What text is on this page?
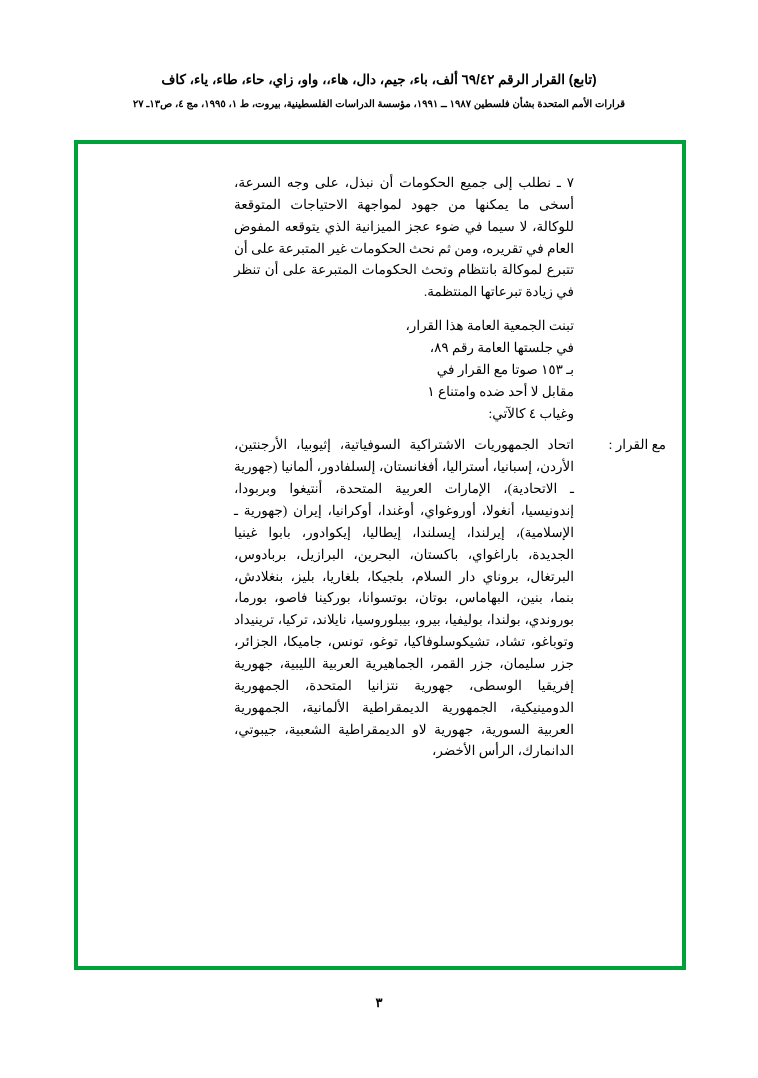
(تابع) القرار الرقم ٦٩/٤٢ ألف، باء، جيم، دال، هاء،، واو، زاي، حاء، طاء، ياء، كاف
قرارات الأمم المتحدة بشأن فلسطين ١٩٨٧ ــ ١٩٩١، مؤسسة الدراسات الفلسطينية، بيروت، ط ١، ١٩٩٥، مج ٤، ص١٣ـ ٢٧

٧ ـ نطلب إلى جميع الحكومات أن نبذل، على وجه السرعة، أسخى ما يمكنها من جهود لمواجهة الاحتياجات المتوقعة للوكالة، لا سيما في ضوء عجز الميزانية الذي يتوقعه المفوض العام في تقريره، ومن ثم نحث الحكومات غير المتبرعة على أن تتبرع لموكالة بانتظام وتحث الحكومات المتبرعة على أن تنظر في زيادة تبرعاتها المنتظمة.

تبنت الجمعية العامة هذا القرار،
في جلستها العامة رقم ٨٩،
بـ ١٥٣ صوتا مع القرار في
مقابل لا أحد ضده وامتناع ١
وغياب ٤ كالآتي:
مع القرار :
اتحاد الجمهوريات الاشتراكية السوفياتية، إثيوبيا، الأرجنتين، الأردن، إسبانيا، أستراليا، أفغانستان، إلسلفادور، ألمانيا (جهورية ـ الاتحادية)، الإمارات العربية المتحدة، أنتيغوا وبربودا، إندونيسيا، أنغولا، أوروغواي، أوغندا، أوكرانيا، إيران (جهورية ـ الإسلامية)، إيرلندا، إيسلندا، إيطاليا، إيكوادور، بابوا غينيا الجديدة، باراغواي، باكستان، البحرين، البرازيل، بربادوس، البرتغال، بروناي دار السلام، بلجيكا، بلغاريا، بليز، بنغلادش، بنما، بنين، البهاماس، بوتان، بوتسوانا، بوركينا فاصو، بورما، بوروندي، بولندا، بوليفيا، بيرو، بيبلوروسيا، نايلاند، تركيا، ترينيداد وتوباغو، تشاد، تشيكوسلوفاكيا، توغو، تونس، جاميكا، الجزائر، جزر سليمان، جزر القمر، الجماهيرية العربية الليبية، جهورية إفريقيا الوسطى، جهورية نتزانيا المتحدة، الجمهورية الدومينيكية، الجمهورية الديمقراطية الألمانية، الجمهورية العربية السورية، جهورية لاو الديمقراطية الشعبية، جيبوتي، الدانمارك، الرأس الأخضر،
٣
